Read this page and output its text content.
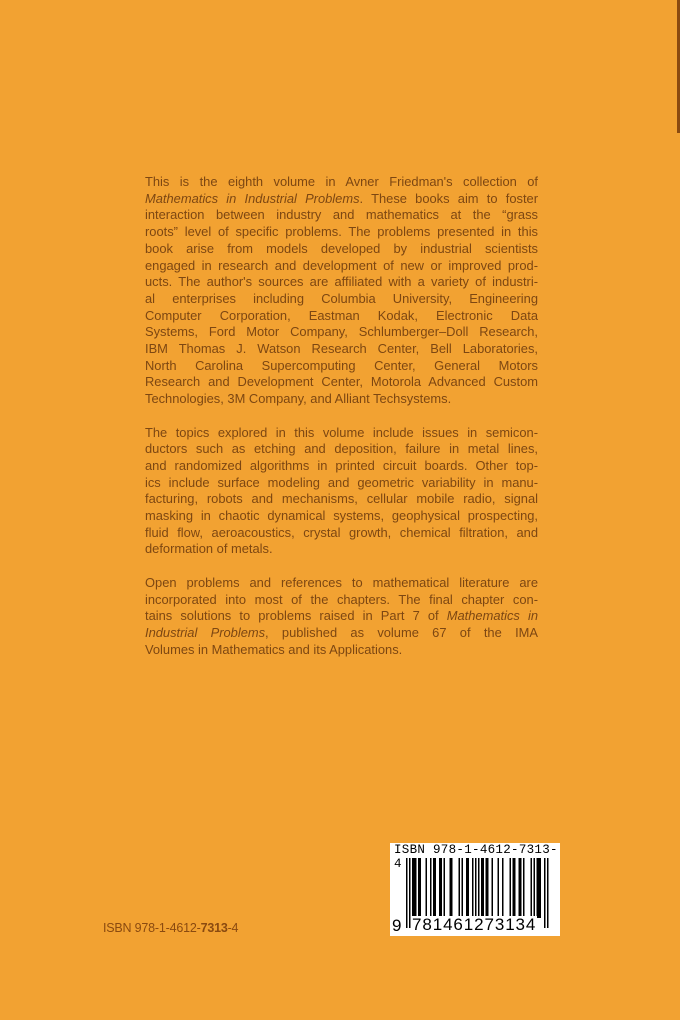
This is the eighth volume in Avner Friedman's collection of
Mathematics in Industrial Problems. These books aim to foster
interaction between industry and mathematics at the “grass
roots” level of specific problems. The problems presented in this
book arise from models developed by industrial scientists
engaged in research and development of new or improved prod-
ucts. The author's sources are affiliated with a variety of industri-
al enterprises including Columbia University, Engineering
Computer Corporation, Eastman Kodak, Electronic Data
Systems, Ford Motor Company, Schlumberger–Doll Research,
IBM Thomas J. Watson Research Center, Bell Laboratories,
North Carolina Supercomputing Center, General Motors
Research and Development Center, Motorola Advanced Custom
Technologies, 3M Company, and Alliant Techsystems.
The topics explored in this volume include issues in semicon-
ductors such as etching and deposition, failure in metal lines,
and randomized algorithms in printed circuit boards. Other top-
ics include surface modeling and geometric variability in manu-
facturing, robots and mechanisms, cellular mobile radio, signal
masking in chaotic dynamical systems, geophysical prospecting,
fluid flow, aeroacoustics, crystal growth, chemical filtration, and
deformation of metals.
Open problems and references to mathematical literature are
incorporated into most of the chapters. The final chapter con-
tains solutions to problems raised in Part 7 of Mathematics in
Industrial Problems, published as volume 67 of the IMA
Volumes in Mathematics and its Applications.
ISBN 978-1-4612-7313-4
ISBN 978-1-4612-7313-4
9 781461273134
